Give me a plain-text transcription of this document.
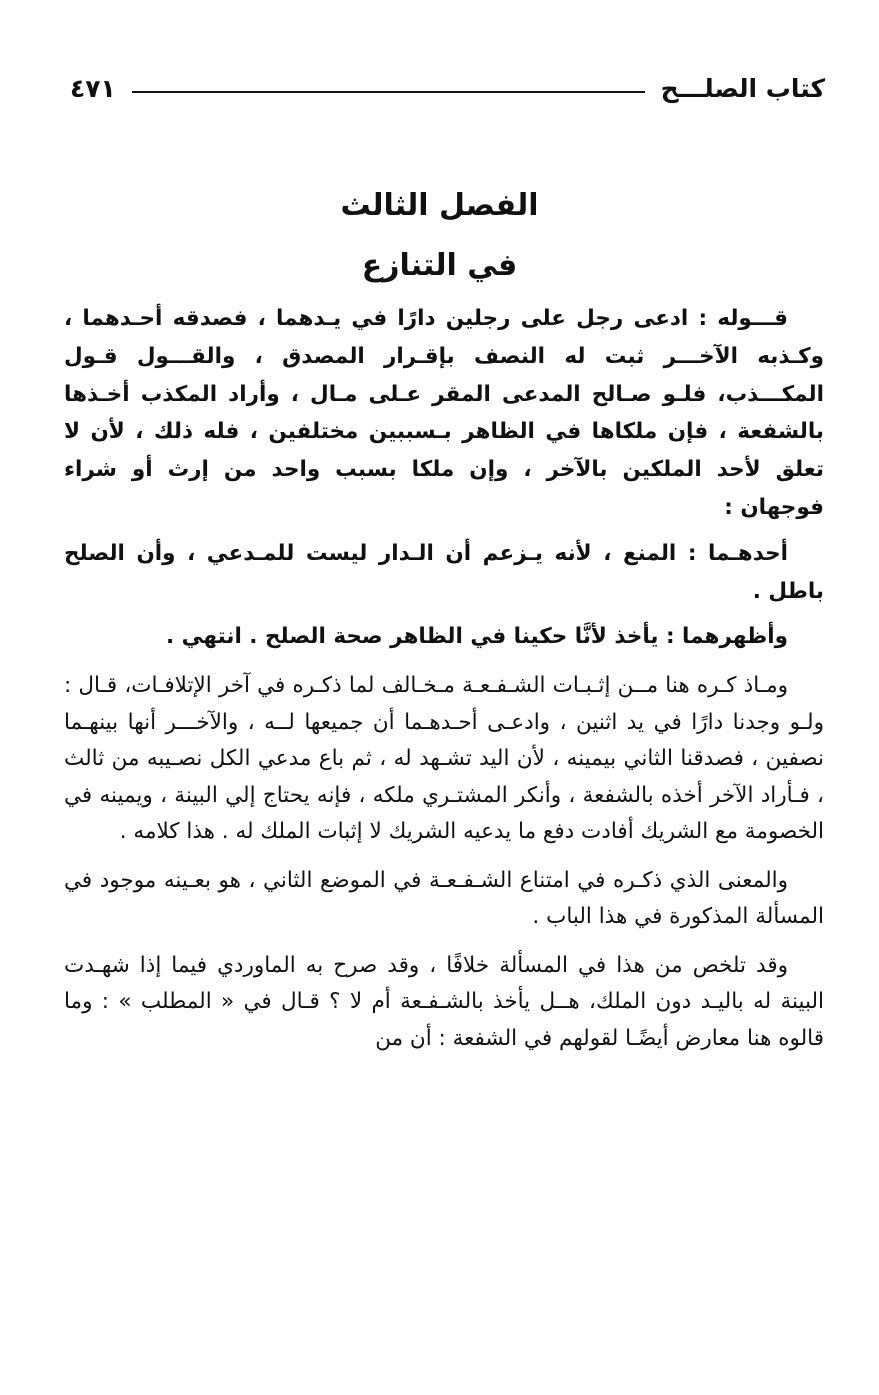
كتاب الصلـــح
٤٧١
الفصل الثالث
في التنازع

قـــوله : ادعى رجل على رجلين دارًا في يـدهما ، فصدقه أحـدهما ، وكـذبه الآخـــر ثبت له النصف بإقـرار المصدق ، والقـــول قـول المكـــذب، فلـو صـالح المدعى المقر عـلى مـال ، وأراد المكذب أخـذها بالشفعة ، فإن ملكاها في الظاهر بـسببين مختلفين ، فله ذلك ، لأن لا تعلق لأحد الملكين بالآخر ، وإن ملكا بسبب واحد من إرث أو شراء فوجهان :

أحدهـما : المنع ، لأنه يـزعم أن الـدار ليست للمـدعي ، وأن الصلح باطل .

وأظهرهما : يأخذ لأنَّا حكينا في الظاهر صحة الصلح . انتهي .

ومـاذ كـره هنا مــن إثـبـات الشـفـعـة مـخـالف لما ذكـره في آخر الإتلافـات، قـال : ولـو وجدنا دارًا في يد اثنين ، وادعـى أحـدهـما أن جميعها لــه ، والآخـــر أنها بينهـما نصفين ، فصدقنا الثاني بيمينه ، لأن اليد تشـهد له ، ثم باع مدعي الكل نصـيبه من ثالث ، فـأراد الآخر أخذه بالشفعة ، وأنكر المشتـري ملكه ، فإنه يحتاج إلي البينة ، ويمينه في الخصومة مع الشريك أفادت دفع ما يدعيه الشريك لا إثبات الملك له . هذا كلامه .

والمعنى الذي ذكـره في امتناع الشـفـعـة في الموضع الثاني ، هو بعـينه موجود في المسألة المذكورة في هذا الباب .

وقد تلخص من هذا في المسألة خلافًا ، وقد صرح به الماوردي فيما إذا شهـدت البينة له باليـد دون الملك، هــل يأخذ بالشـفـعة أم لا ؟ قـال في « المطلب » : وما قالوه هنا معارض أيضًـا لقولهم في الشفعة : أن من
